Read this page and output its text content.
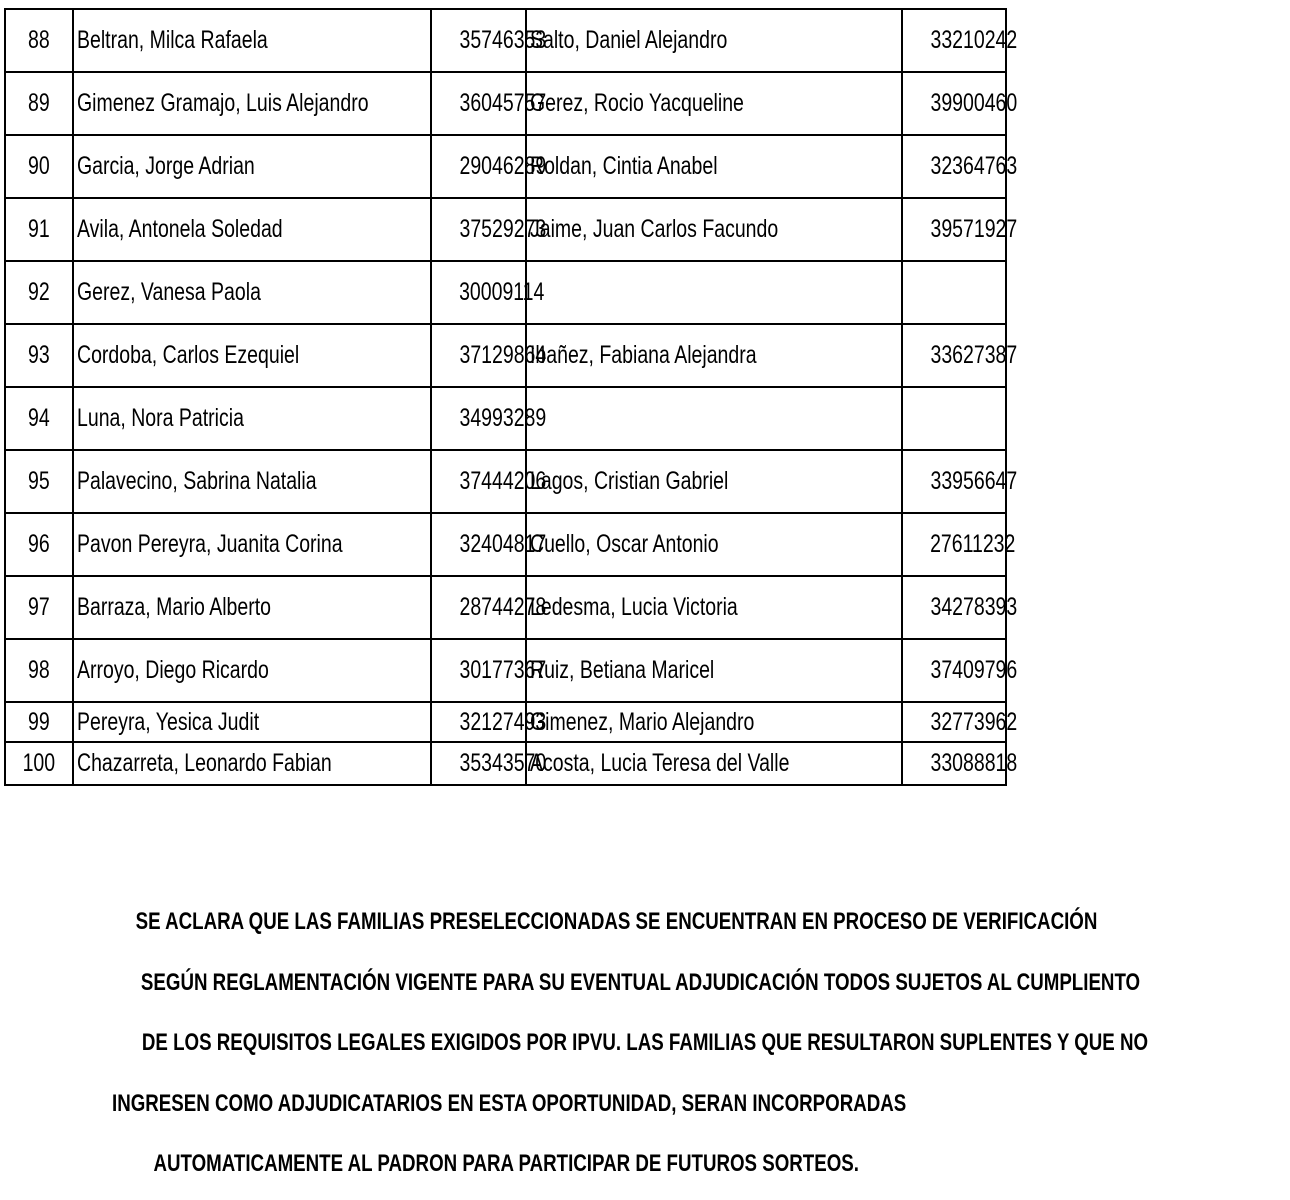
88	Beltran, Milca Rafaela	35746353	Salto, Daniel Alejandro	33210242
89	Gimenez Gramajo, Luis Alejandro	36045757	Gerez, Rocio Yacqueline	39900460
90	Garcia, Jorge Adrian	29046289	Roldan, Cintia Anabel	32364763
91	Avila, Antonela Soledad	37529273	Jaime, Juan Carlos Facundo	39571927
92	Gerez, Vanesa Paola	30009114		
93	Cordoba, Carlos Ezequiel	37129864	Ibañez, Fabiana Alejandra	33627387
94	Luna, Nora Patricia	34993289		
95	Palavecino, Sabrina Natalia	37444206	Lagos, Cristian Gabriel	33956647
96	Pavon Pereyra, Juanita Corina	32404817	Cuello, Oscar Antonio	27611232
97	Barraza, Mario Alberto	28744278	Ledesma, Lucia Victoria	34278393
98	Arroyo, Diego Ricardo	30177367	Ruiz, Betiana Maricel	37409796
99	Pereyra, Yesica Judit	32127493	Gimenez, Mario Alejandro	32773962
100	Chazarreta, Leonardo Fabian	35343570	Acosta, Lucia Teresa del Valle	33088818
SE ACLARA QUE LAS FAMILIAS PRESELECCIONADAS SE ENCUENTRAN EN PROCESO DE VERIFICACIÓN
SEGÚN REGLAMENTACIÓN VIGENTE PARA SU EVENTUAL ADJUDICACIÓN TODOS SUJETOS AL CUMPLIENTO
DE LOS REQUISITOS LEGALES EXIGIDOS POR IPVU. LAS FAMILIAS QUE RESULTARON SUPLENTES Y QUE NO
INGRESEN COMO ADJUDICATARIOS EN ESTA OPORTUNIDAD, SERAN INCORPORADAS
AUTOMATICAMENTE AL PADRON PARA PARTICIPAR DE FUTUROS SORTEOS.
